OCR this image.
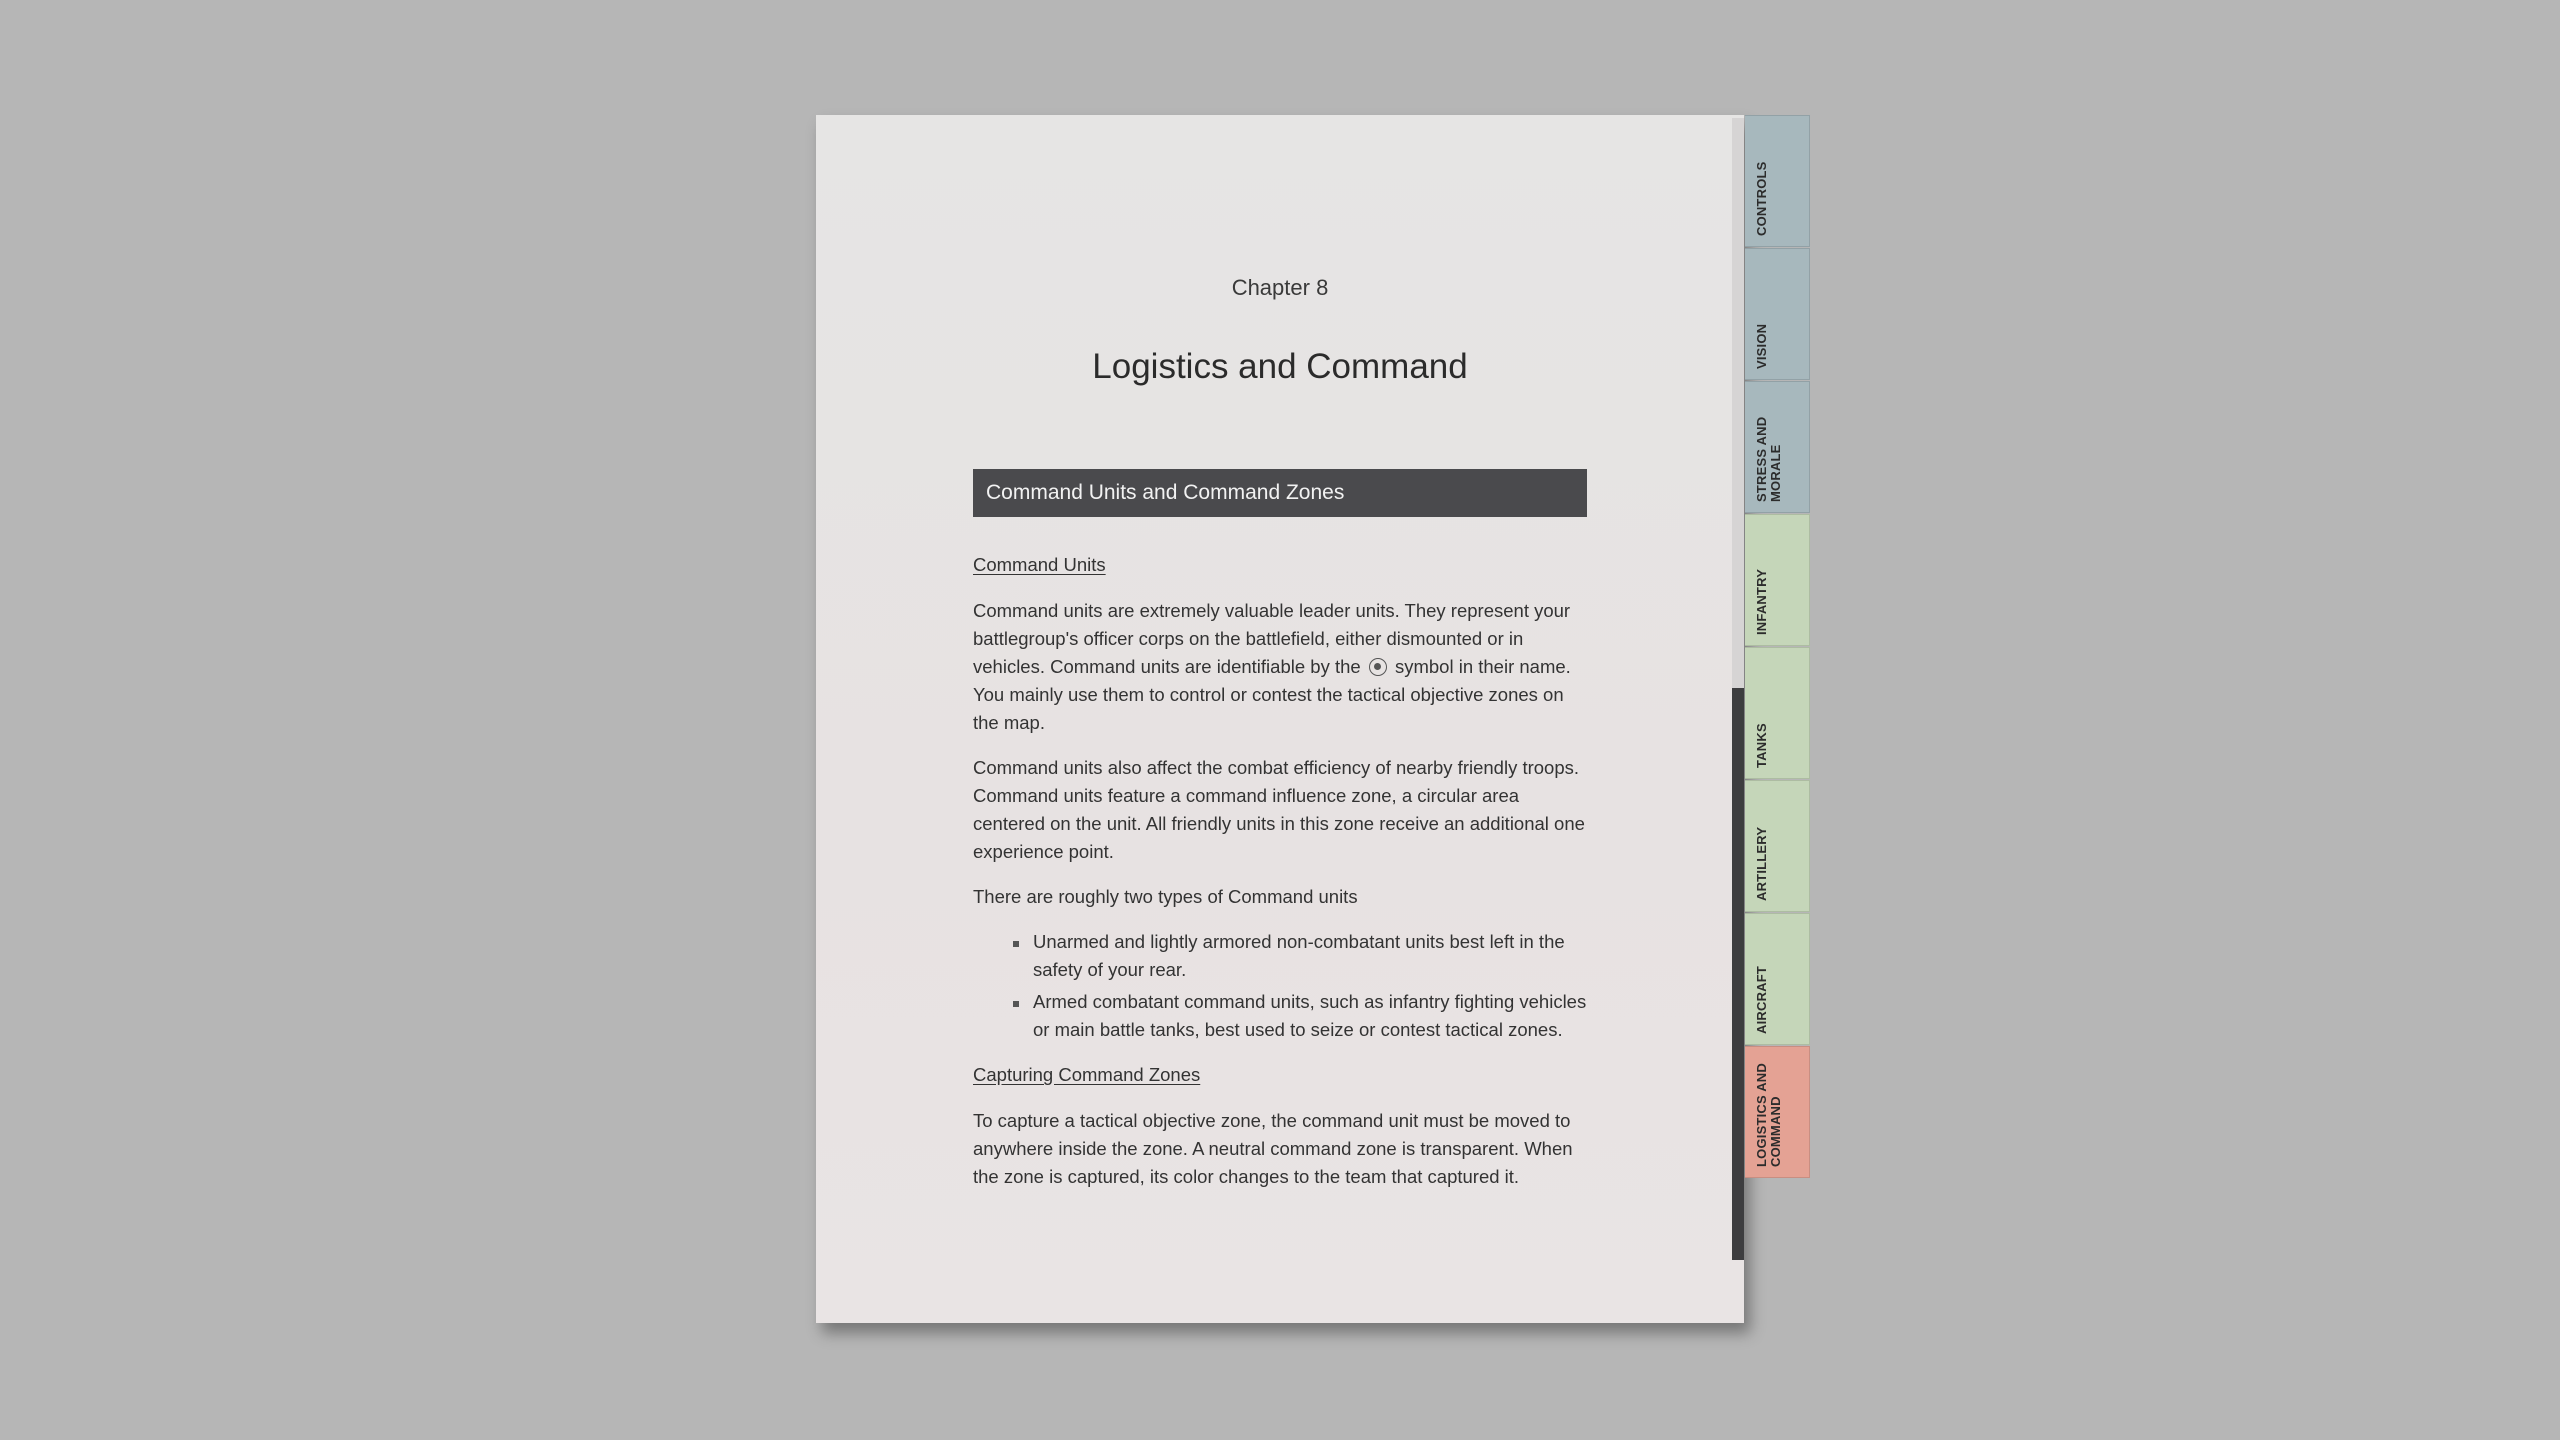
Chapter 8
Logistics and Command
Command Units and Command Zones
Command Units

Command units are extremely valuable leader units. They represent your battlegroup's officer corps on the battlefield, either dismounted or in vehicles. Command units are identifiable by the symbol in their name. You mainly use them to control or contest the tactical objective zones on the map.

Command units also affect the combat efficiency of nearby friendly troops. Command units feature a command influence zone, a circular area centered on the unit. All friendly units in this zone receive an additional one experience point.

There are roughly two types of Command units

Unarmed and lightly armored non-combatant units best left in the safety of your rear.
Armed combatant command units, such as infantry fighting vehicles or main battle tanks, best used to seize or contest tactical zones.
Capturing Command Zones

To capture a tactical objective zone, the command unit must be moved to anywhere inside the zone. A neutral command zone is transparent. When the zone is captured, its color changes to the team that captured it.

CONTROLS
VISION
STRESS AND MORALE
INFANTRY
TANKS
ARTILLERY
AIRCRAFT
LOGISTICS AND COMMAND
